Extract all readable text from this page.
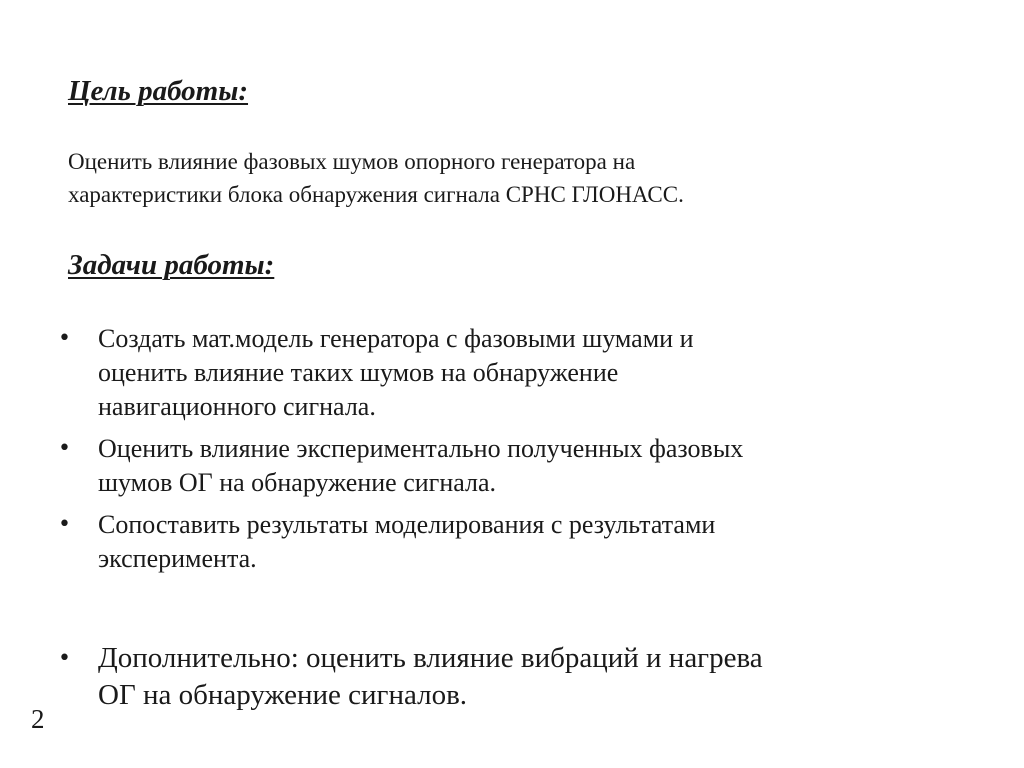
Цель работы:

Оценить влияние фазовых шумов опорного генератора на
характеристики блока обнаружения сигнала СРНС ГЛОНАСС.

Задачи работы:
• Создать мат.модель генератора с фазовыми шумами и
оценить влияние таких шумов на обнаружение
навигационного сигнала.
• Оценить влияние экспериментально полученных фазовых
шумов ОГ на обнаружение сигнала.
• Сопоставить результаты моделирования с результатами
эксперимента.
• Дополнительно: оценить влияние вибраций и нагрева
ОГ на обнаружение сигналов.
2
